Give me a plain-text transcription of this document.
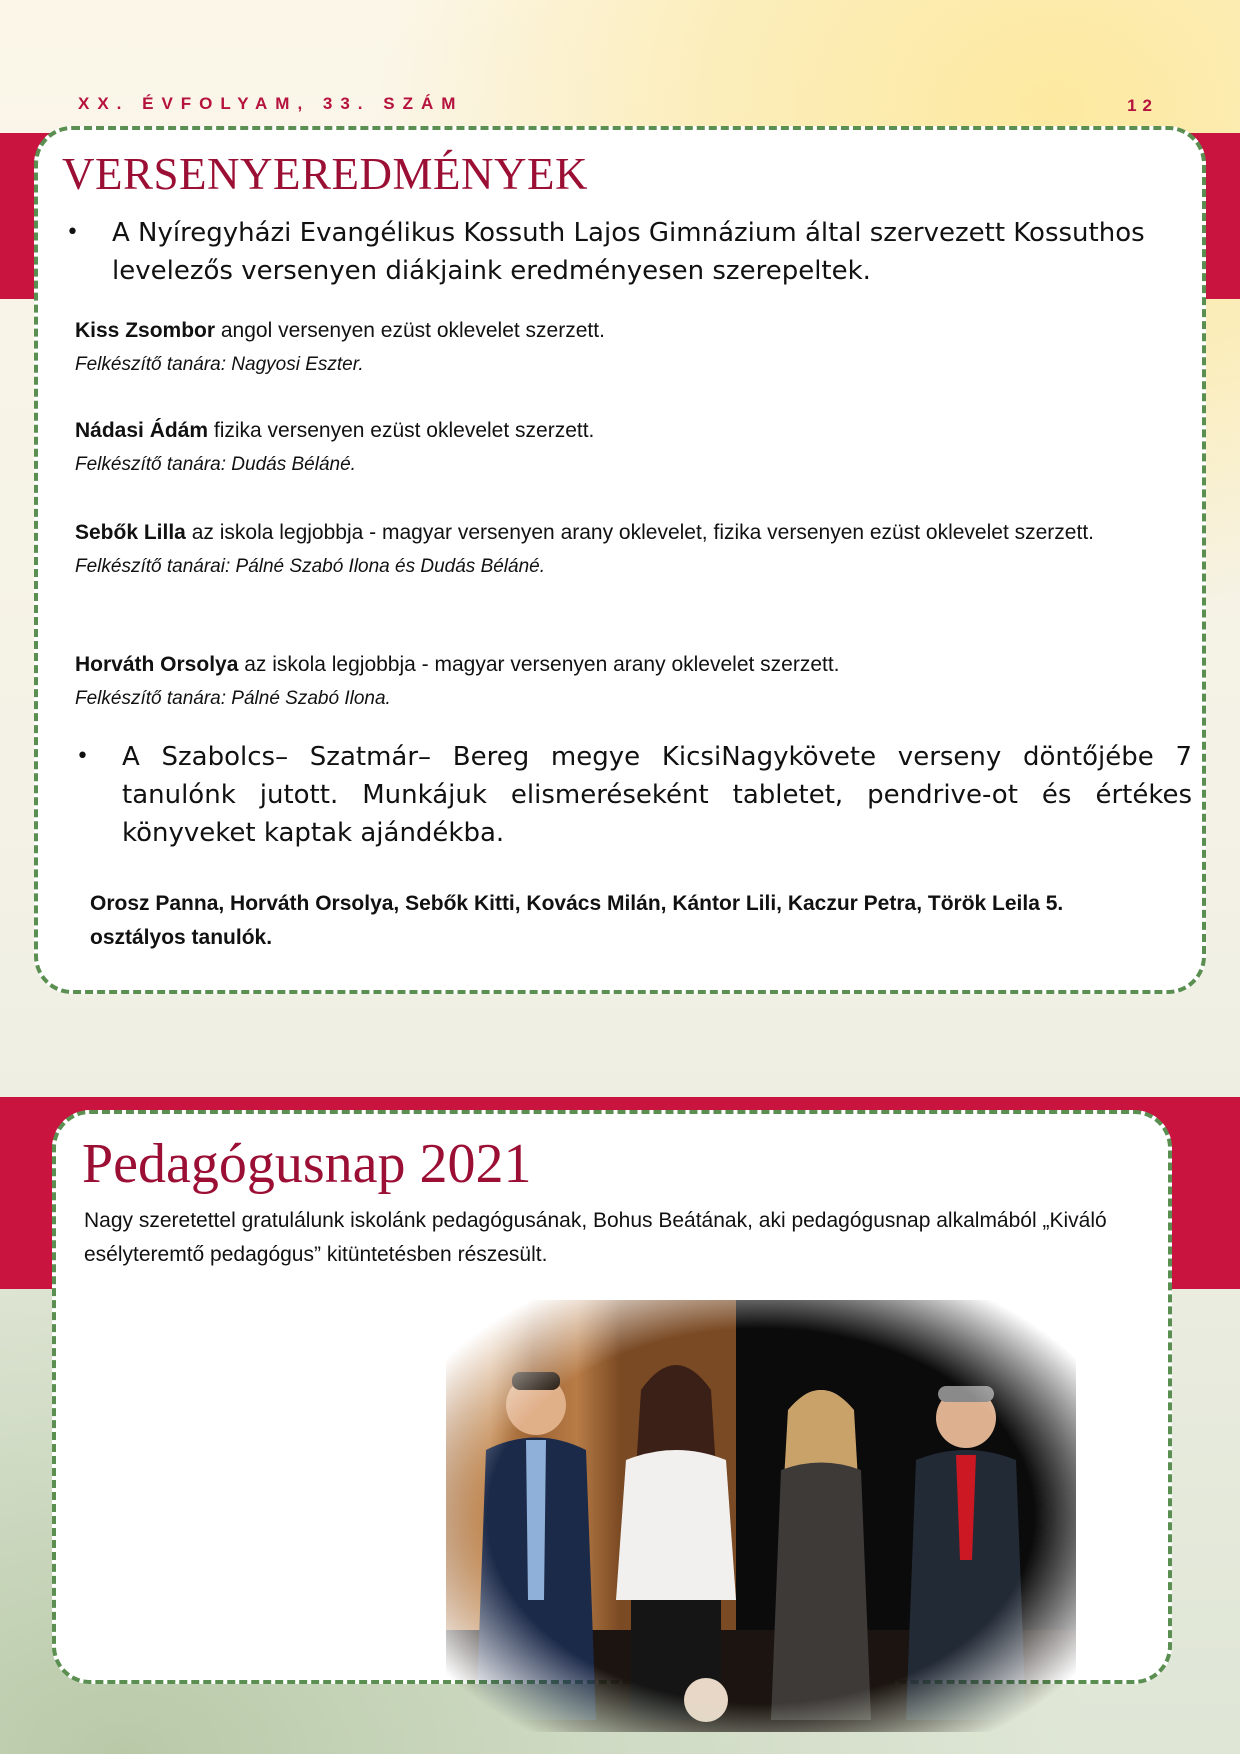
XX. ÉVFOLYAM, 33. SZÁM	12
VERSENYEREDMÉNYEK
• A Nyíregyházi Evangélikus Kossuth Lajos Gimnázium által szervezett Kossuthos levelezős versenyen diákjaink eredményesen szerepeltek.
Kiss Zsombor angol versenyen ezüst oklevelet szerzett.
Felkészítő tanára: Nagyosi Eszter.
Nádasi Ádám fizika versenyen ezüst oklevelet szerzett.
Felkészítő tanára: Dudás Béláné.
Sebők Lilla az iskola legjobbja - magyar versenyen arany oklevelet, fizika versenyen ezüst oklevelet szerzett.
Felkészítő tanárai: Pálné Szabó Ilona és Dudás Béláné.
Horváth Orsolya az iskola legjobbja - magyar versenyen arany oklevelet szerzett.
Felkészítő tanára: Pálné Szabó Ilona.
• A Szabolcs– Szatmár– Bereg megye KicsiNagykövete verseny döntőjébe 7 tanulónk jutott. Munkájuk elismeréseként tabletet, pendrive-ot és értékes könyveket kaptak ajándékba.
Orosz Panna, Horváth Orsolya, Sebők Kitti, Kovács Milán, Kántor Lili, Kaczur Petra, Török Leila 5. osztályos tanulók.
Pedagógusnap 2021
Nagy szeretettel gratulálunk iskolánk pedagógusának, Bohus Beátának, aki pedagógusnap alkalmából „Kiváló esélyteremtő pedagógus” kitüntetésben részesült.
